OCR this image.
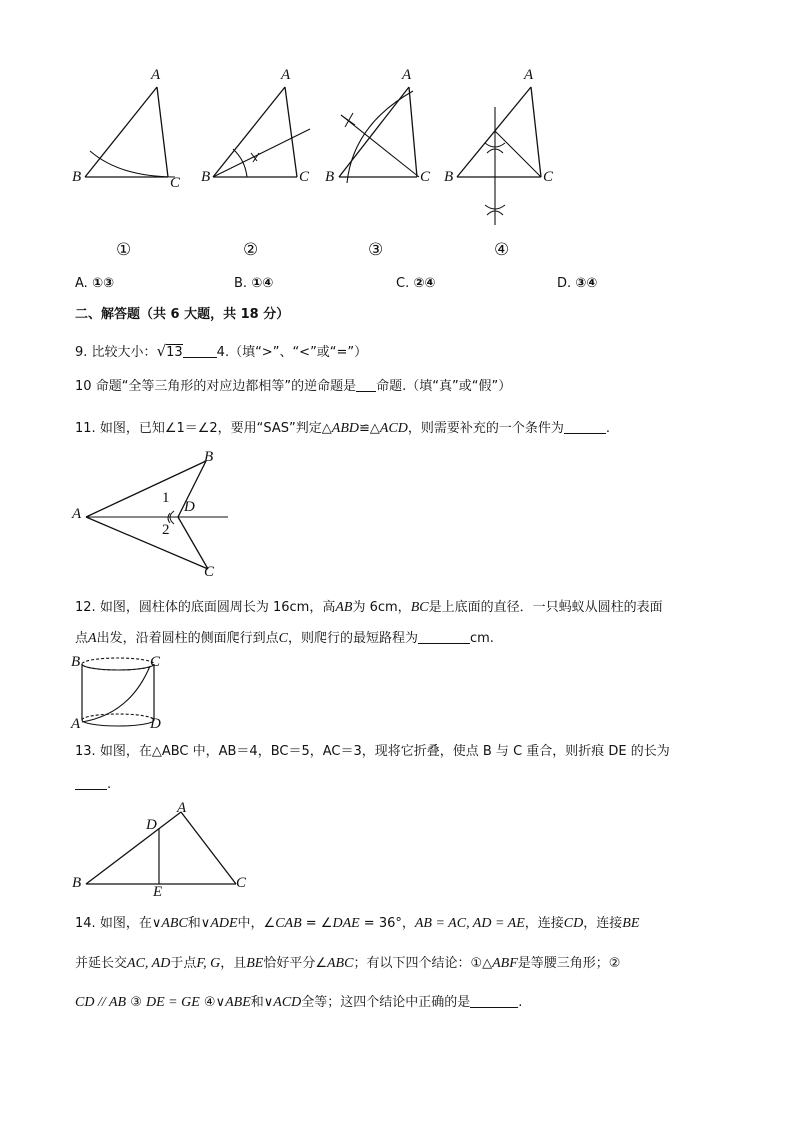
A
B	C
A
B	C
A
B	C
A
B	C
①	②	③	④
A. ①③	B. ①④	C. ②④	D. ③④
二、解答题（共 6 大题，共 18 分）
9. 比较大小：√13	4.（填“>”、“<”或“=”）
10 命题“全等三角形的对应边都相等”的逆命题是 命题.（填“真”或“假”）
11. 如图，已知∠1＝∠2，要用“SAS”判定△ABD≌△ACD，则需要补充的一个条件为	.
A
B
C
D
1
2
12. 如图，圆柱体的底面圆周长为 16cm，高AB为 6cm，BC是上底面的直径．一只蚂蚁从圆柱的表面
点A出发，沿着圆柱的侧面爬行到点C，则爬行的最短路程为	cm.
B	C
A	D
13. 如图，在△ABC 中，AB＝4，BC＝5，AC＝3，现将它折叠，使点 B 与 C 重合，则折痕 DE 的长为
.
A
B	C
D
E
14. 如图，在∨ABC和∨ADE中，∠CAB = ∠DAE = 36°，AB = AC, AD = AE，连接CD，连接BE
并延长交AC, AD于点F, G，且BE恰好平分∠ABC；有以下四个结论：①△ABF是等腰三角形；②
CD // AB ③ DE = GE ④∨ABE和∨ACD全等；这四个结论中正确的是	.
